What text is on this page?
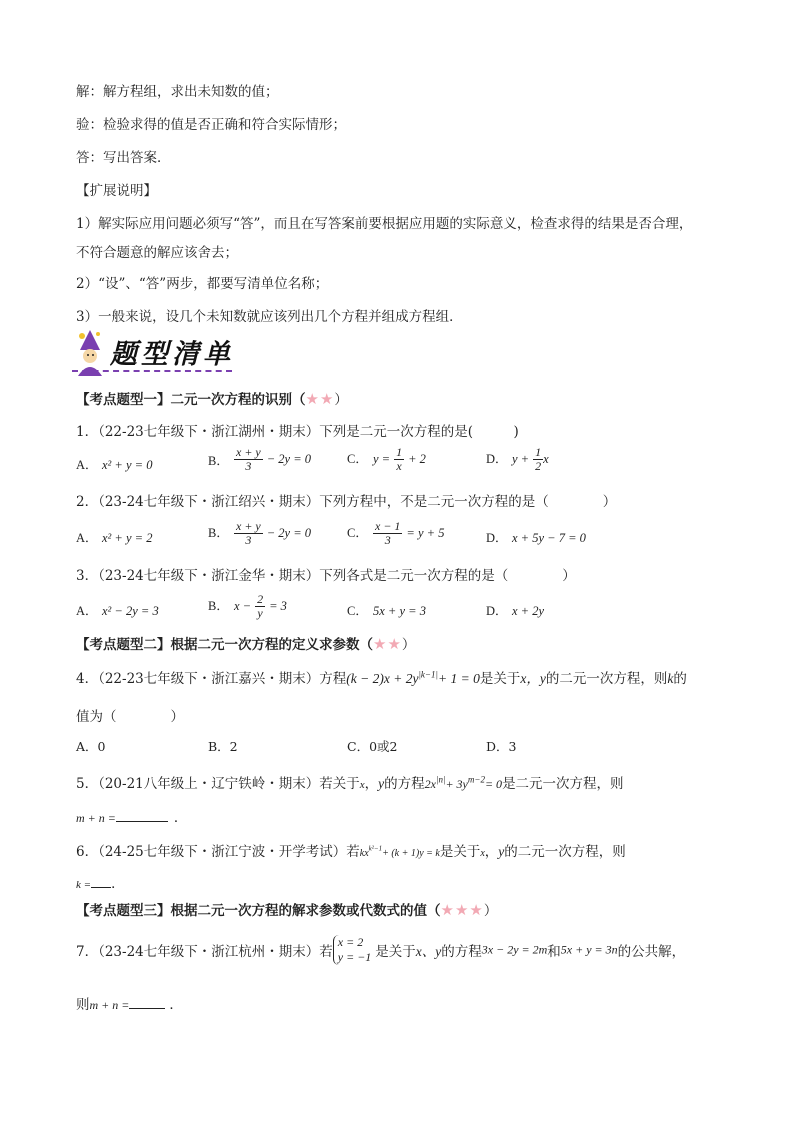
解：解方程组，求出未知数的值；
验：检验求得的值是否正确和符合实际情形；
答：写出答案．
【扩展说明】
1）解实际应用问题必须写“答”，而且在写答案前要根据应用题的实际意义，检查求得的结果是否合理，
不符合题意的解应该舍去；
2）“设”、“答”两步，都要写清单位名称；
3）一般来说，设几个未知数就应该列出几个方程并组成方程组．
题型清单
【考点题型一】二元一次方程的识别（★★）
1．（22-23七年级下・浙江湖州・期末）下列是二元一次方程的是(　　　)
A． x² + y = 0	B． $\frac{x + y}{3} - 2y = 0$	C． $y = \frac{1}{x} + 2$	D． $y + \frac{1}{2}$ x
2．（23-24七年级下・浙江绍兴・期末）下列方程中，不是二元一次方程的是（　　　　）
A． x² + y = 2	B． $\frac{x + y}{3} - 2y = 0$	C． $\frac{x - 1}{3} = y + 5$	D． x + 5y − 7 = 0
3．（23-24七年级下・浙江金华・期末）下列各式是二元一次方程的是（　　　　）
A． x² − 2y = 3	B． $x - \frac{2}{y} = 3$	C． 5x + y = 3	D． x + 2y
【考点题型二】根据二元一次方程的定义求参数（★★）
4．（22-23七年级下・浙江嘉兴・期末）方程$(k - 2)x + 2y^{|k-1|}+ 1 = 0$是关于x，y的二元一次方程，则k的
值为（　　　　）
A．0	B．2	C．0或2	D．3
5．（20-21八年级上・辽宁铁岭・期末）若关于x，y的方程$2x^{|n|}+ 3y^{m-2}= 0$是二元一次方程，则
m + n =	．
6．（24-25七年级下・浙江宁波・开学考试）若$kx^{k^2-1}+ (k + 1)y = k$是关于x，y的二元一次方程，则
k = ．
【考点题型三】根据二元一次方程的解求参数或代数式的值（★★★）
7．（23-24七年级下・浙江杭州・期末）若
x = 2
y = −1 是关于x、y的方程3x − 2y = 2m和5x + y = 3n的公共解，
则m + n =	．
